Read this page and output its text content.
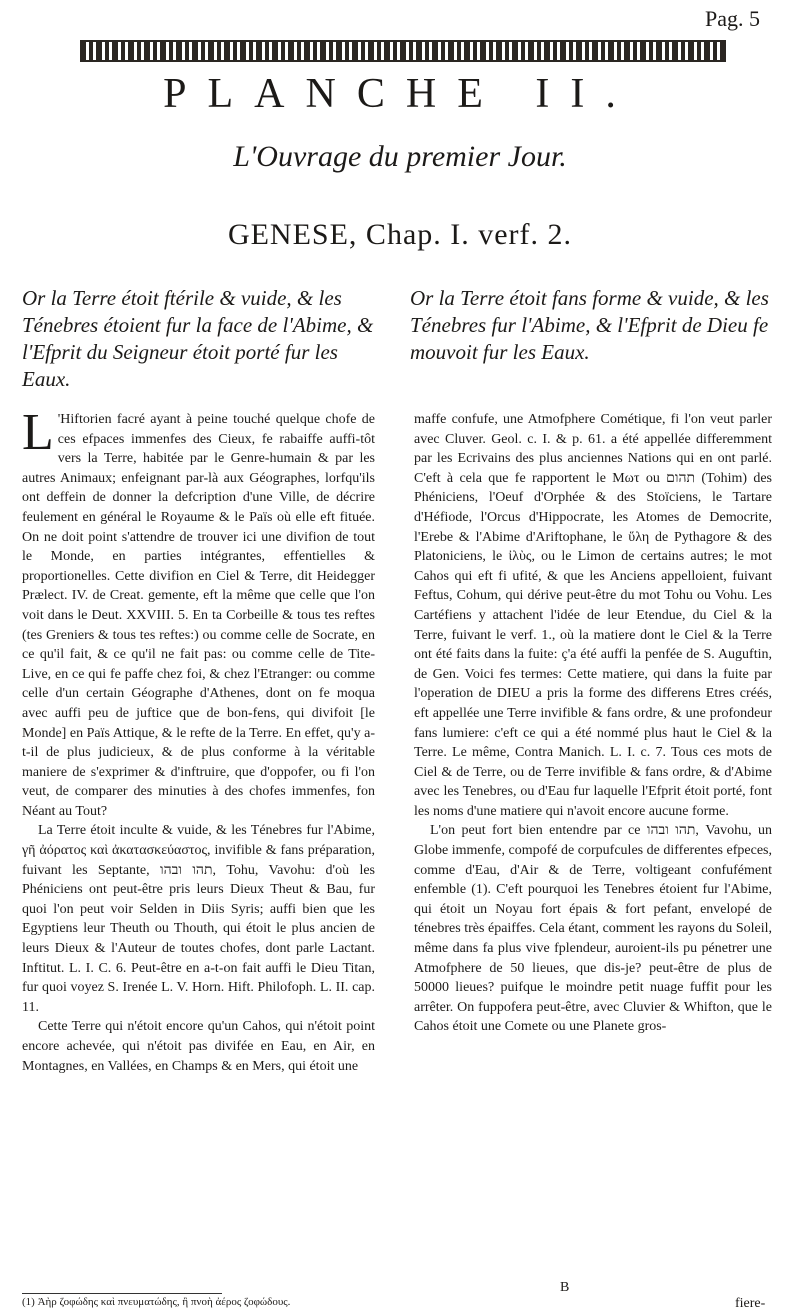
Pag. 5
PLANCHE II.
L'Ouvrage du premier Jour.
GENESE, Chap. I. verf. 2.
Or la Terre étoit ftérile & vuide, & les Ténebres étoient fur la face de l'Abime, & l'Efprit du Seigneur étoit porté fur les Eaux.
Or la Terre étoit fans forme & vuide, & les Ténebres fur l'Abime, & l'Efprit de Dieu fe mouvoit fur les Eaux.

L 'Hiftorien facré ayant à peine touché quelque chofe de ces efpaces immenfes des Cieux, fe rabaiffe auffi-tôt vers la Terre, habitée par le Genre-humain & par les autres Animaux; enfeignant par-là aux Géographes, lorfqu'ils ont deffein de donner la defcription d'une Ville, de décrire feulement en général le Royaume & le Païs où elle eft fituée. On ne doit point s'attendre de trouver ici une divifion de tout le Monde, en parties intégrantes, effentielles & proportionelles. Cette divifion en Ciel & Terre, dit Heidegger Prælect. IV. de Creat. gemente, eft la même que celle que l'on voit dans le Deut. XXVIII. 5. En ta Corbeille & tous tes reftes (tes Greniers & tous tes reftes:) ou comme celle de Socrate, en ce qu'il fait, & ce qu'il ne fait pas: ou comme celle de Tite-Live, en ce qui fe paffe chez foi, & chez l'Etranger: ou comme celle d'un certain Géographe d'Athenes, dont on fe moqua avec auffi peu de juftice que de bon-fens, qui divifoit [le Monde] en Païs Attique, & le refte de la Terre. En effet, qu'y a-t-il de plus judicieux, & de plus conforme à la véritable maniere de s'exprimer & d'inftruire, que d'oppofer, ou fi l'on veut, de comparer des minuties à des chofes immenfes, fon Néant au Tout?

La Terre étoit inculte & vuide, & les Ténebres fur l'Abime, γῆ ἀόρατος καὶ ἀκατασκεύαστος, invifible & fans préparation, fuivant les Septante, תהו ובהו, Tohu, Vavohu: d'où les Phéniciens ont peut-être pris leurs Dieux Theut & Bau, fur quoi l'on peut voir Selden in Diis Syris; auffi bien que les Egyptiens leur Theuth ou Thouth, qui étoit le plus ancien de leurs Dieux & l'Auteur de toutes chofes, dont parle Lactant. Inftitut. L. I. C. 6. Peut-être en a-t-on fait auffi le Dieu Titan, fur quoi voyez S. Irenée L. V. Horn. Hift. Philofoph. L. II. cap. 11.

Cette Terre qui n'étoit encore qu'un Cahos, qui n'étoit point encore achevée, qui n'étoit pas divifée en Eau, en Air, en Montagnes, en Vallées, en Champs & en Mers, qui étoit une

maffe confufe, une Atmofphere Cométique, fi l'on veut parler avec Cluver. Geol. c. I. & p. 61. a été appellée differemment par les Ecrivains des plus anciennes Nations qui en ont parlé. C'eft à cela que fe rapportent le Μωτ ou תהום (Tohim) des Phéniciens, l'Oeuf d'Orphée & des Stoïciens, le Tartare d'Héfiode, l'Orcus d'Hippocrate, les Atomes de Democrite, l'Erebe & l'Abime d'Ariftophane, le ὕλη de Pythagore & des Platoniciens, le ἰλὺς, ou le Limon de certains autres; le mot Cahos qui eft fi ufité, & que les Anciens appelloient, fuivant Feftus, Cohum, qui dérive peut-être du mot Tohu ou Vohu. Les Cartéfiens y attachent l'idée de leur Etendue, du Ciel & la Terre, fuivant le verf. 1., où la matiere dont le Ciel & la Terre ont été faits dans la fuite: ç'a été auffi la penfée de S. Auguftin, de Gen. Voici fes termes: Cette matiere, qui dans la fuite par l'operation de DIEU a pris la forme des differens Etres créés, eft appellée une Terre invifible & fans ordre, & une profondeur fans lumiere: c'eft ce qui a été nommé plus haut le Ciel & la Terre. Le même, Contra Manich. L. I. c. 7. Tous ces mots de Ciel & de Terre, ou de Terre invifible & fans ordre, & d'Abime avec les Tenebres, ou d'Eau fur laquelle l'Efprit étoit porté, font les noms d'une matiere qui n'avoit encore aucune forme.

L'on peut fort bien entendre par ce תהו ובהו, Vavohu, un Globe immenfe, compofé de corpufcules de differentes efpeces, comme d'Eau, d'Air & de Terre, voltigeant confufément enfemble (1). C'eft pourquoi les Tenebres étoient fur l'Abime, qui étoit un Noyau fort épais & fort pefant, envelopé de ténebres très épaiffes. Cela étant, comment les rayons du Soleil, même dans fa plus vive fplendeur, auroient-ils pu pénetrer une Atmofphere de 50 lieues, que dis-je? peut-être de plus de 50000 lieues? puifque le moindre petit nuage fuffit pour les arrêter. On fuppofera peut-être, avec Cluvier & Whifton, que le Cahos étoit une Comete ou une Planete gros-

B
(1) Ἀὴρ ζοφώδης καὶ πνευματώδης, ἢ πνοὴ ἀέρος ζοφώδους.	fiere-
